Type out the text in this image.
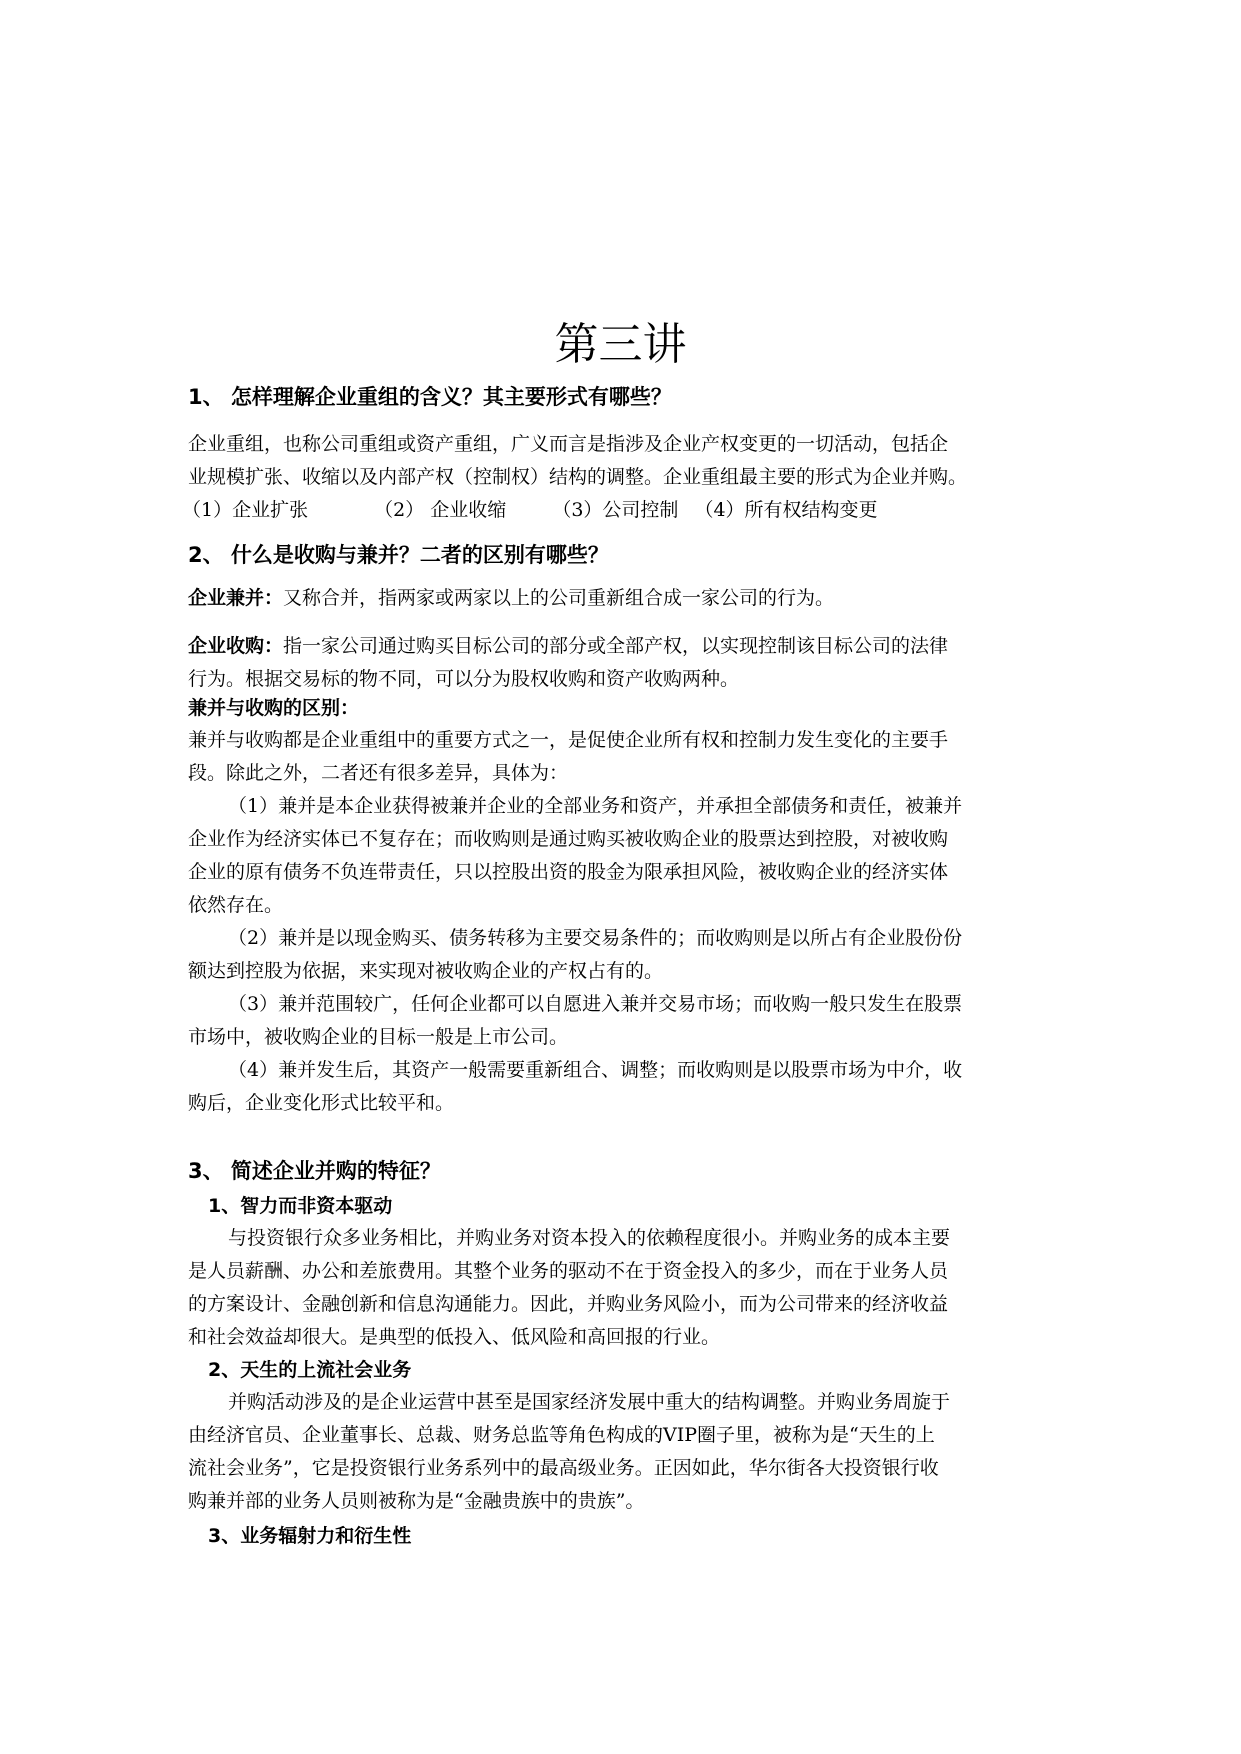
第三讲
1、 怎样理解企业重组的含义？其主要形式有哪些？
企业重组，也称公司重组或资产重组，广义而言是指涉及企业产权变更的一切活动，包括企
业规模扩张、收缩以及内部产权（控制权）结构的调整。企业重组最主要的形式为企业并购。
（1）企业扩张	（2） 企业收缩 （3）公司控制 （4）所有权结构变更
2、 什么是收购与兼并？二者的区别有哪些？
企业兼并：又称合并，指两家或两家以上的公司重新组合成一家公司的行为。
企业收购：指一家公司通过购买目标公司的部分或全部产权，以实现控制该目标公司的法律
行为。根据交易标的物不同，可以分为股权收购和资产收购两种。
兼并与收购的区别：
兼并与收购都是企业重组中的重要方式之一，是促使企业所有权和控制力发生变化的主要手
段。除此之外，二者还有很多差异，具体为：
（1）兼并是本企业获得被兼并企业的全部业务和资产，并承担全部债务和责任，被兼并
企业作为经济实体已不复存在；而收购则是通过购买被收购企业的股票达到控股，对被收购
企业的原有债务不负连带责任，只以控股出资的股金为限承担风险，被收购企业的经济实体
依然存在。
（2）兼并是以现金购买、债务转移为主要交易条件的；而收购则是以所占有企业股份份
额达到控股为依据，来实现对被收购企业的产权占有的。
（3）兼并范围较广，任何企业都可以自愿进入兼并交易市场；而收购一般只发生在股票
市场中，被收购企业的目标一般是上市公司。
（4）兼并发生后，其资产一般需要重新组合、调整；而收购则是以股票市场为中介，收
购后，企业变化形式比较平和。
3、 简述企业并购的特征？
1、智力而非资本驱动
与投资银行众多业务相比，并购业务对资本投入的依赖程度很小。并购业务的成本主要
是人员薪酬、办公和差旅费用。其整个业务的驱动不在于资金投入的多少，而在于业务人员
的方案设计、金融创新和信息沟通能力。因此，并购业务风险小，而为公司带来的经济收益
和社会效益却很大。是典型的低投入、低风险和高回报的行业。
2、天生的上流社会业务
并购活动涉及的是企业运营中甚至是国家经济发展中重大的结构调整。并购业务周旋于
由经济官员、企业董事长、总裁、财务总监等角色构成的VIP圈子里，被称为是“天生的上
流社会业务”，它是投资银行业务系列中的最高级业务。正因如此，华尔街各大投资银行收
购兼并部的业务人员则被称为是“金融贵族中的贵族”。
3、业务辐射力和衍生性
